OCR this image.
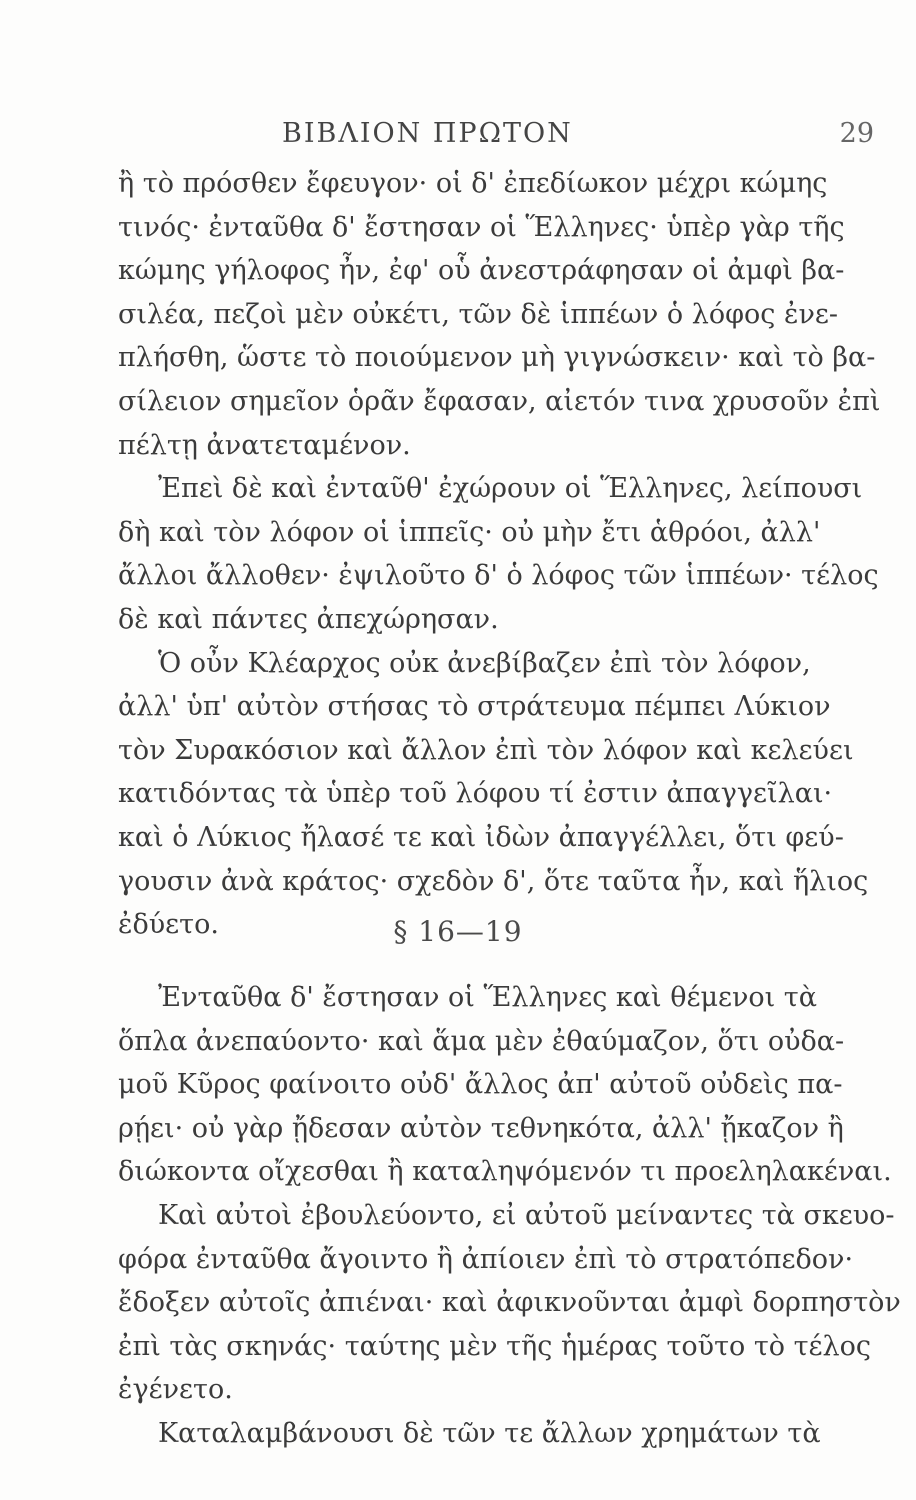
ΒΙΒΛΙΟΝ ΠΡΩΤΟΝ	29
ἢ τὸ πρόσθεν ἔφευγον· οἱ δ' ἐπεδίωκον μέχρι κώμης
τινός· ἐνταῦθα δ' ἔστησαν οἱ Ἕλληνες· ὑπὲρ γὰρ τῆς
κώμης γήλοφος ἦν, ἐφ' οὗ ἀνεστράφησαν οἱ ἀμφὶ βα-
σιλέα, πεζοὶ μὲν οὐκέτι, τῶν δὲ ἱππέων ὁ λόφος ἐνε-
πλήσθη, ὥστε τὸ ποιούμενον μὴ γιγνώσκειν· καὶ τὸ βα-
σίλειον σημεῖον ὁρᾶν ἔφασαν, αἰετόν τινα χρυσοῦν ἐπὶ
πέλτῃ ἀνατεταμένον.
Ἐπεὶ δὲ καὶ ἐνταῦθ' ἐχώρουν οἱ Ἕλληνες, λείπουσι
δὴ καὶ τὸν λόφον οἱ ἱππεῖς· οὐ μὴν ἔτι ἁθρόοι, ἀλλ'
ἄλλοι ἄλλοθεν· ἐψιλοῦτο δ' ὁ λόφος τῶν ἱππέων· τέλος
δὲ καὶ πάντες ἀπεχώρησαν.
Ὁ οὖν Κλέαρχος οὐκ ἀνεβίβαζεν ἐπὶ τὸν λόφον,
ἀλλ' ὑπ' αὐτὸν στήσας τὸ στράτευμα πέμπει Λύκιον
τὸν Συρακόσιον καὶ ἄλλον ἐπὶ τὸν λόφον καὶ κελεύει
κατιδόντας τὰ ὑπὲρ τοῦ λόφου τί ἐστιν ἀπαγγεῖλαι·
καὶ ὁ Λύκιος ἤλασέ τε καὶ ἰδὼν ἀπαγγέλλει, ὅτι φεύ-
γουσιν ἀνὰ κράτος· σχεδὸν δ', ὅτε ταῦτα ἦν, καὶ ἥλιος
ἐδύετο.	§ 16—19
Ἐνταῦθα δ' ἔστησαν οἱ Ἕλληνες καὶ θέμενοι τὰ
ὅπλα ἀνεπαύοντο· καὶ ἅμα μὲν ἐθαύμαζον, ὅτι οὐδα-
μοῦ Κῦρος φαίνοιτο οὐδ' ἄλλος ἀπ' αὐτοῦ οὐδεὶς πα-
ρῄει· οὐ γὰρ ᾔδεσαν αὐτὸν τεθνηκότα, ἀλλ' ᾔκαζον ἢ
διώκοντα οἴχεσθαι ἢ καταληψόμενόν τι προεληλακέναι.
Καὶ αὐτοὶ ἐβουλεύοντο, εἰ αὐτοῦ μείναντες τὰ σκευο-
φόρα ἐνταῦθα ἄγοιντο ἢ ἀπίοιεν ἐπὶ τὸ στρατόπεδον·
ἔδοξεν αὐτοῖς ἀπιέναι· καὶ ἀφικνοῦνται ἀμφὶ δορπηστὸν
ἐπὶ τὰς σκηνάς· ταύτης μὲν τῆς ἡμέρας τοῦτο τὸ τέλος
ἐγένετο.
Καταλαμβάνουσι δὲ τῶν τε ἄλλων χρημάτων τὰ
